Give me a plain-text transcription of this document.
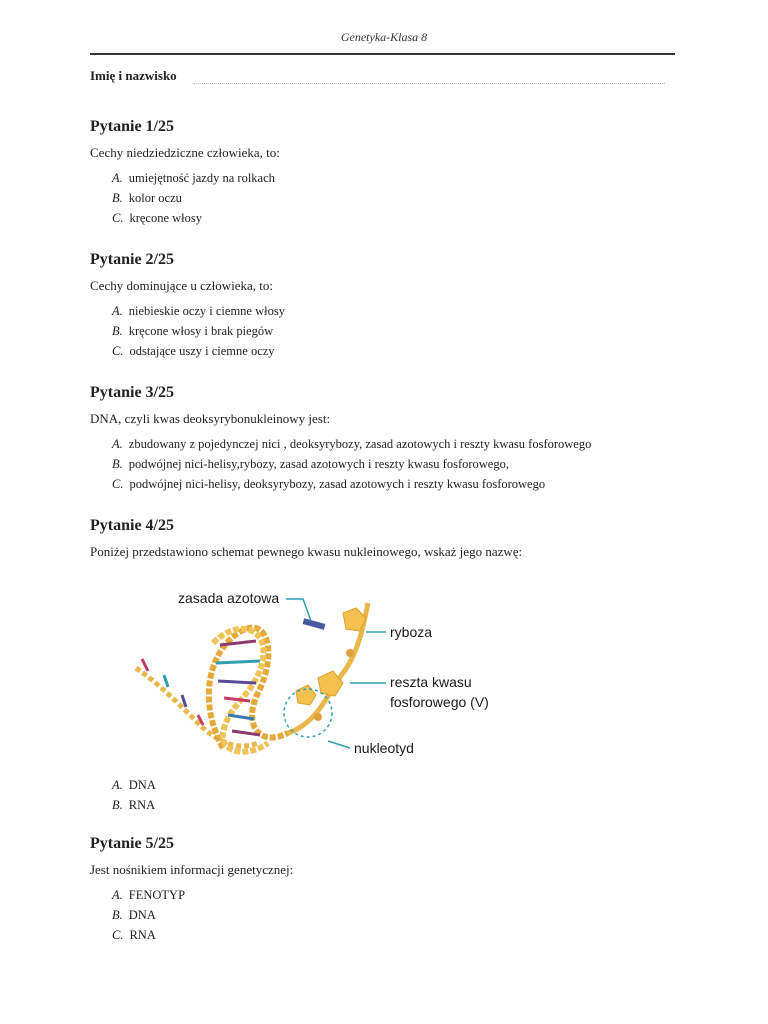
Genetyka-Klasa 8
Imię i nazwisko
Pytanie 1/25
Cechy niedziedziczne człowieka, to:
A. umiejętność jazdy na rolkach
B. kolor oczu
C. kręcone włosy
Pytanie 2/25
Cechy dominujące u człowieka, to:
A. niebieskie oczy i ciemne włosy
B. kręcone włosy i brak piegów
C. odstające uszy i ciemne oczy
Pytanie 3/25
DNA, czyli kwas deoksyrybonukleinowy jest:
A. zbudowany z pojedynczej nici , deoksyrybozy, zasad azotowych i reszty kwasu fosforowego
B. podwójnej nici-helisy,rybozy, zasad azotowych i reszty kwasu fosforowego,
C. podwójnej nici-helisy, deoksyrybozy, zasad azotowych i reszty kwasu fosforowego
Pytanie 4/25
Poniżej przedstawiono schemat pewnego kwasu nukleinowego, wskaż jego nazwę:
zasada azotowa
ryboza
reszta kwasu
fosforowego (V)
nukleotyd
A. DNA
B. RNA
Pytanie 5/25
Jest nośnikiem informacji genetycznej:
A. FENOTYP
B. DNA
C. RNA
